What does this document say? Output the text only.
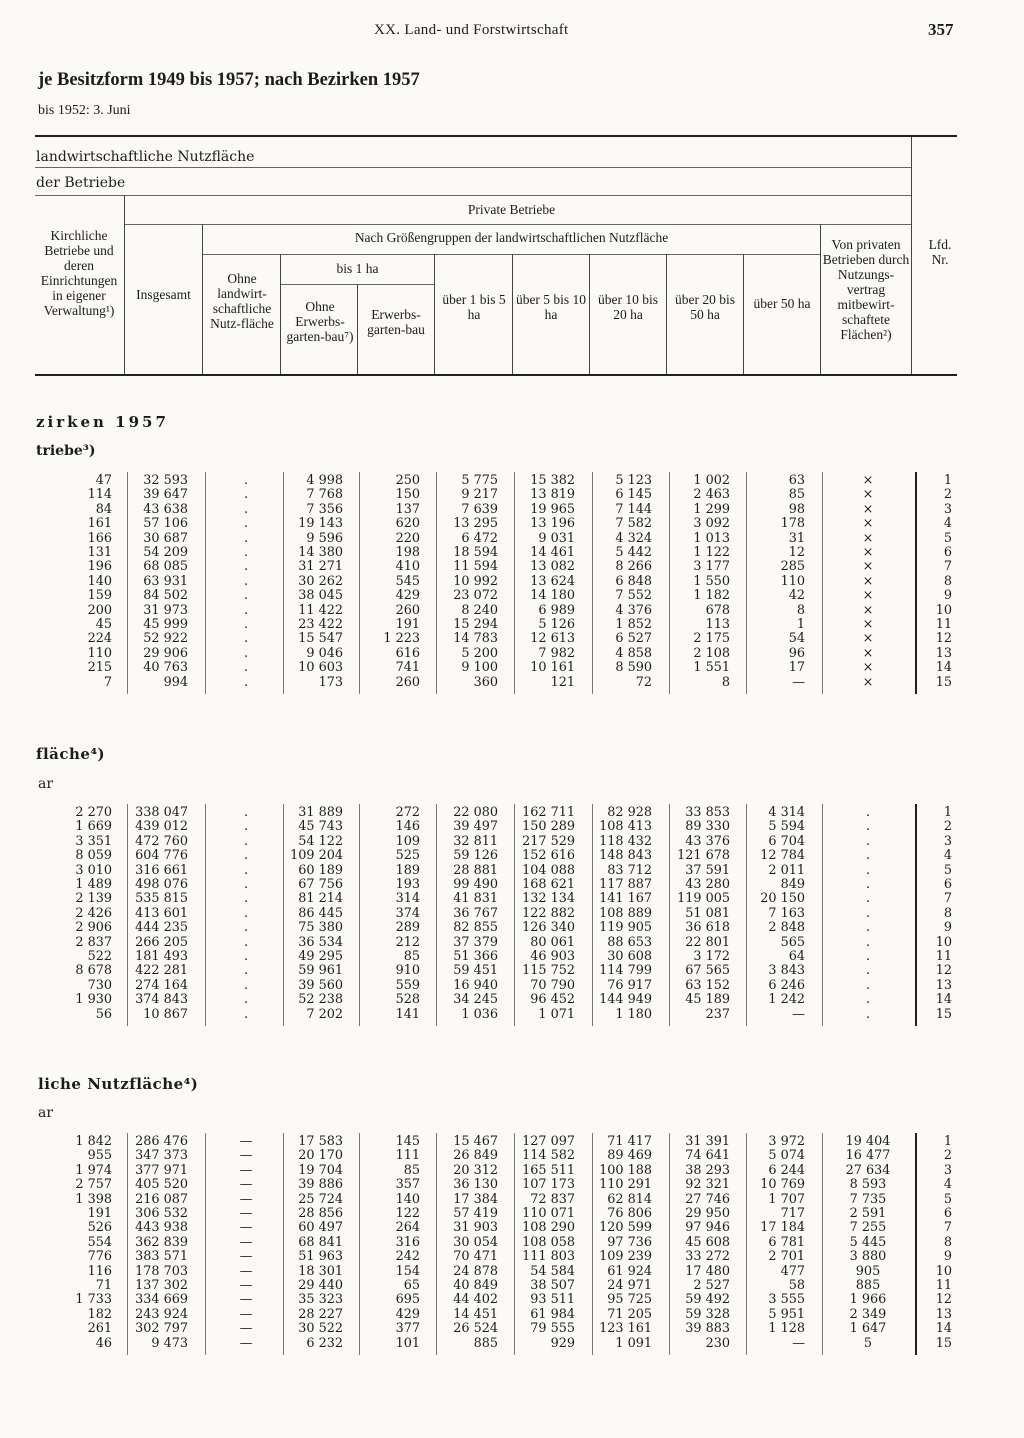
XX. Land- und Forstwirtschaft	357
je Besitzform 1949 bis 1957; nach Bezirken 1957
bis 1952: 3. Juni
landwirtschaftliche Nutzfläche
der Betriebe
Kirchliche Betriebe und deren Einrichtungen in eigener Verwaltung¹)
Private Betriebe
Insgesamt
Nach Größengruppen der landwirtschaftlichen Nutzfläche
Ohne landwirt-schaftliche Nutz-fläche
bis 1 ha
Ohne Erwerbs-garten-bau⁷)
Erwerbs-garten-bau
über 1 bis 5 ha
über 5 bis 10 ha
über 10 bis 20 ha
über 20 bis 50 ha
über 50 ha
Von privaten Betrieben durch Nutzungs-vertrag mitbewirt-schaftete Flächen²)
Lfd. Nr.
zirken 1957
triebe³)
47	32 593	.	4 998	250	5 775	15 382	5 123	1 002	63	×	1
114	39 647	.	7 768	150	9 217	13 819	6 145	2 463	85	×	2
84	43 638	.	7 356	137	7 639	19 965	7 144	1 299	98	×	3
161	57 106	.	19 143	620	13 295	13 196	7 582	3 092	178	×	4
166	30 687	.	9 596	220	6 472	9 031	4 324	1 013	31	×	5
131	54 209	.	14 380	198	18 594	14 461	5 442	1 122	12	×	6
196	68 085	.	31 271	410	11 594	13 082	8 266	3 177	285	×	7
140	63 931	.	30 262	545	10 992	13 624	6 848	1 550	110	×	8
159	84 502	.	38 045	429	23 072	14 180	7 552	1 182	42	×	9
200	31 973	.	11 422	260	8 240	6 989	4 376	678	8	×	10
45	45 999	.	23 422	191	15 294	5 126	1 852	113	1	×	11
224	52 922	.	15 547	1 223	14 783	12 613	6 527	2 175	54	×	12
110	29 906	.	9 046	616	5 200	7 982	4 858	2 108	96	×	13
215	40 763	.	10 603	741	9 100	10 161	8 590	1 551	17	×	14
7	994	.	173	260	360	121	72	8	—	×	15
fläche⁴)
ar
2 270	338 047	.	31 889	272	22 080	162 711	82 928	33 853	4 314	.	1
1 669	439 012	.	45 743	146	39 497	150 289	108 413	89 330	5 594	.	2
3 351	472 760	.	54 122	109	32 811	217 529	118 432	43 376	6 704	.	3
8 059	604 776	.	109 204	525	59 126	152 616	148 843	121 678	12 784	.	4
3 010	316 661	.	60 189	189	28 881	104 088	83 712	37 591	2 011	.	5
1 489	498 076	.	67 756	193	99 490	168 621	117 887	43 280	849	.	6
2 139	535 815	.	81 214	314	41 831	132 134	141 167	119 005	20 150	.	7
2 426	413 601	.	86 445	374	36 767	122 882	108 889	51 081	7 163	.	8
2 906	444 235	.	75 380	289	82 855	126 340	119 905	36 618	2 848	.	9
2 837	266 205	.	36 534	212	37 379	80 061	88 653	22 801	565	.	10
522	181 493	.	49 295	85	51 366	46 903	30 608	3 172	64	.	11
8 678	422 281	.	59 961	910	59 451	115 752	114 799	67 565	3 843	.	12
730	274 164	.	39 560	559	16 940	70 790	76 917	63 152	6 246	.	13
1 930	374 843	.	52 238	528	34 245	96 452	144 949	45 189	1 242	.	14
56	10 867	.	7 202	141	1 036	1 071	1 180	237	—	.	15
liche Nutzfläche⁴)
ar
1 842	286 476	—	17 583	145	15 467	127 097	71 417	31 391	3 972	19 404	1
955	347 373	—	20 170	111	26 849	114 582	89 469	74 641	5 074	16 477	2
1 974	377 971	—	19 704	85	20 312	165 511	100 188	38 293	6 244	27 634	3
2 757	405 520	—	39 886	357	36 130	107 173	110 291	92 321	10 769	8 593	4
1 398	216 087	—	25 724	140	17 384	72 837	62 814	27 746	1 707	7 735	5
191	306 532	—	28 856	122	57 419	110 071	76 806	29 950	717	2 591	6
526	443 938	—	60 497	264	31 903	108 290	120 599	97 946	17 184	7 255	7
554	362 839	—	68 841	316	30 054	108 058	97 736	45 608	6 781	5 445	8
776	383 571	—	51 963	242	70 471	111 803	109 239	33 272	2 701	3 880	9
116	178 703	—	18 301	154	24 878	54 584	61 924	17 480	477	905	10
71	137 302	—	29 440	65	40 849	38 507	24 971	2 527	58	885	11
1 733	334 669	—	35 323	695	44 402	93 511	95 725	59 492	3 555	1 966	12
182	243 924	—	28 227	429	14 451	61 984	71 205	59 328	5 951	2 349	13
261	302 797	—	30 522	377	26 524	79 555	123 161	39 883	1 128	1 647	14
46	9 473	—	6 232	101	885	929	1 091	230	—	5	15
